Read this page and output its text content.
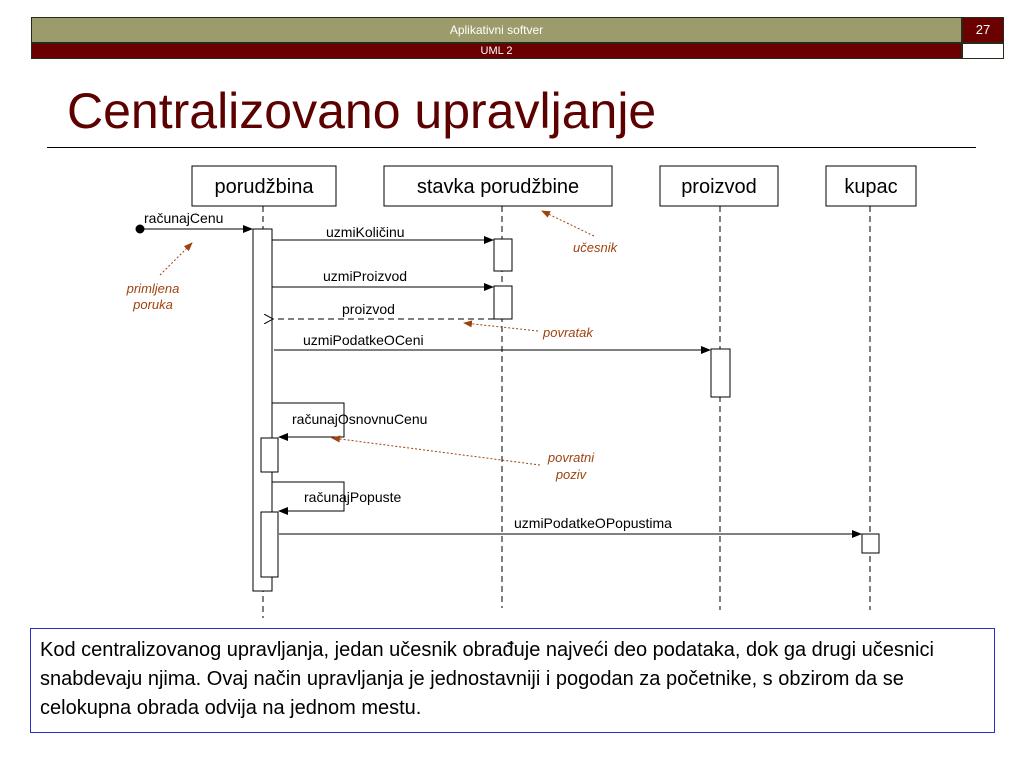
Aplikativni softver	27
UML 2
Centralizovano upravljanje
porudžbina	stavka porudžbine	proizvod	kupac
računajCenu
uzmiKoličinu
uzmiProizvod
proizvod
uzmiPodatkeOCeni
računajOsnovnuCenu
računajPopuste
uzmiPodatkeOPopustima
primljena
poruka
učesnik
povratak
povratni
poziv
Kod centralizovanog upravljanja, jedan učesnik obrađuje najveći deo podataka, dok ga drugi učesnici snabdevaju njima. Ovaj način upravljanja je jednostavniji i pogodan za početnike, s obzirom da se celokupna obrada odvija na jednom mestu.
